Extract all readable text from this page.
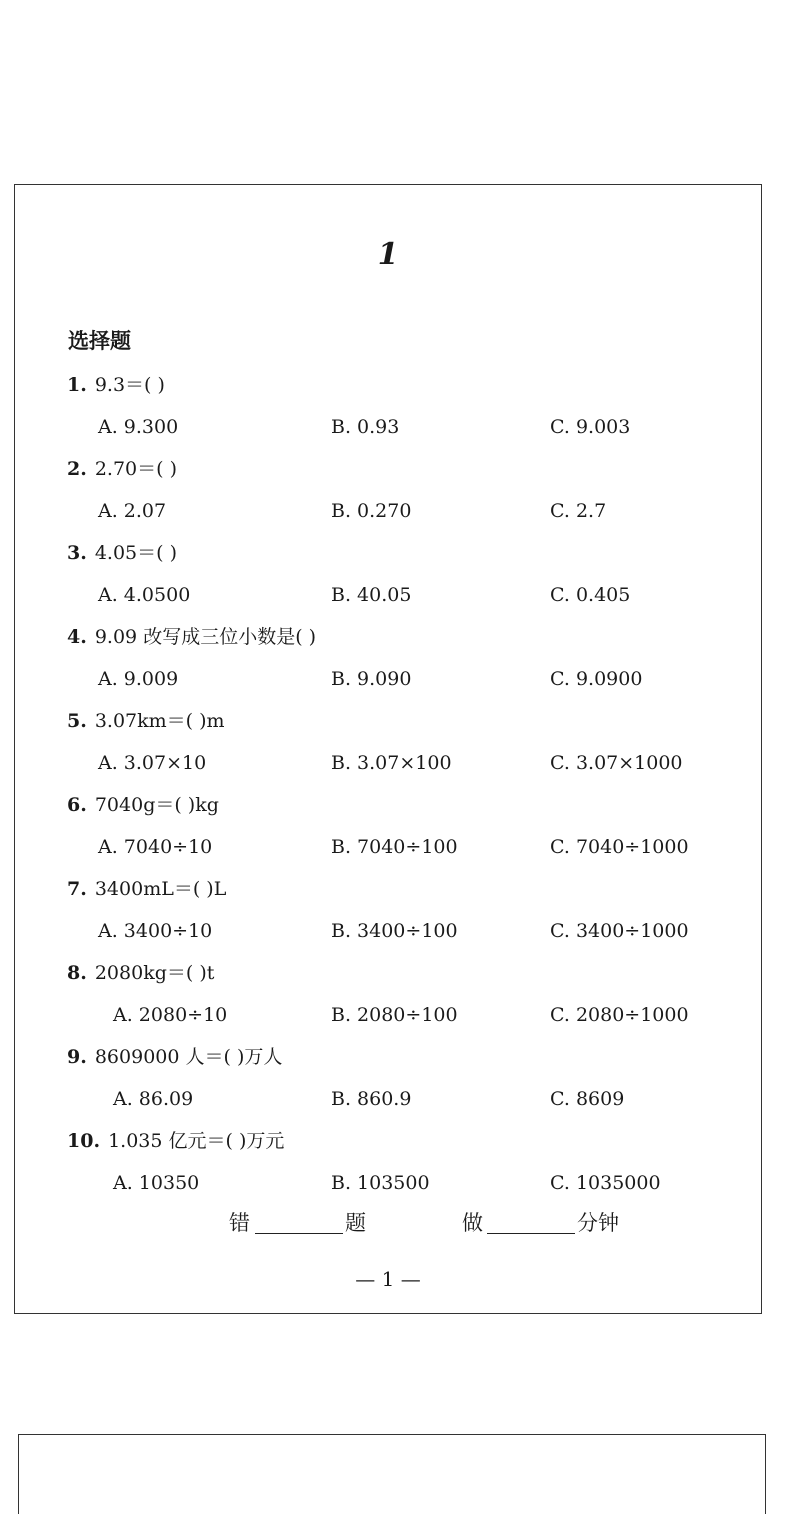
1
选择题
1. 9.3＝( )
A. 9.300	B. 0.93	C. 9.003
2. 2.70＝( )
A. 2.07	B. 0.270	C. 2.7
3. 4.05＝( )
A. 4.0500	B. 40.05	C. 0.405
4. 9.09 改写成三位小数是( )
A. 9.009	B. 9.090	C. 9.0900
5. 3.07km＝( )m
A. 3.07×10	B. 3.07×100	C. 3.07×1000
6. 7040g＝( )kg
A. 7040÷10	B. 7040÷100	C. 7040÷1000
7. 3400mL＝( )L
A. 3400÷10	B. 3400÷100	C. 3400÷1000
8. 2080kg＝( )t
A. 2080÷10	B. 2080÷100	C. 2080÷1000
9. 8609000 人＝( )万人
A. 86.09	B. 860.9	C. 8609
10. 1.035 亿元＝( )万元
A. 10350	B. 103500	C. 1035000
错	题	做	分钟
— 1 —
